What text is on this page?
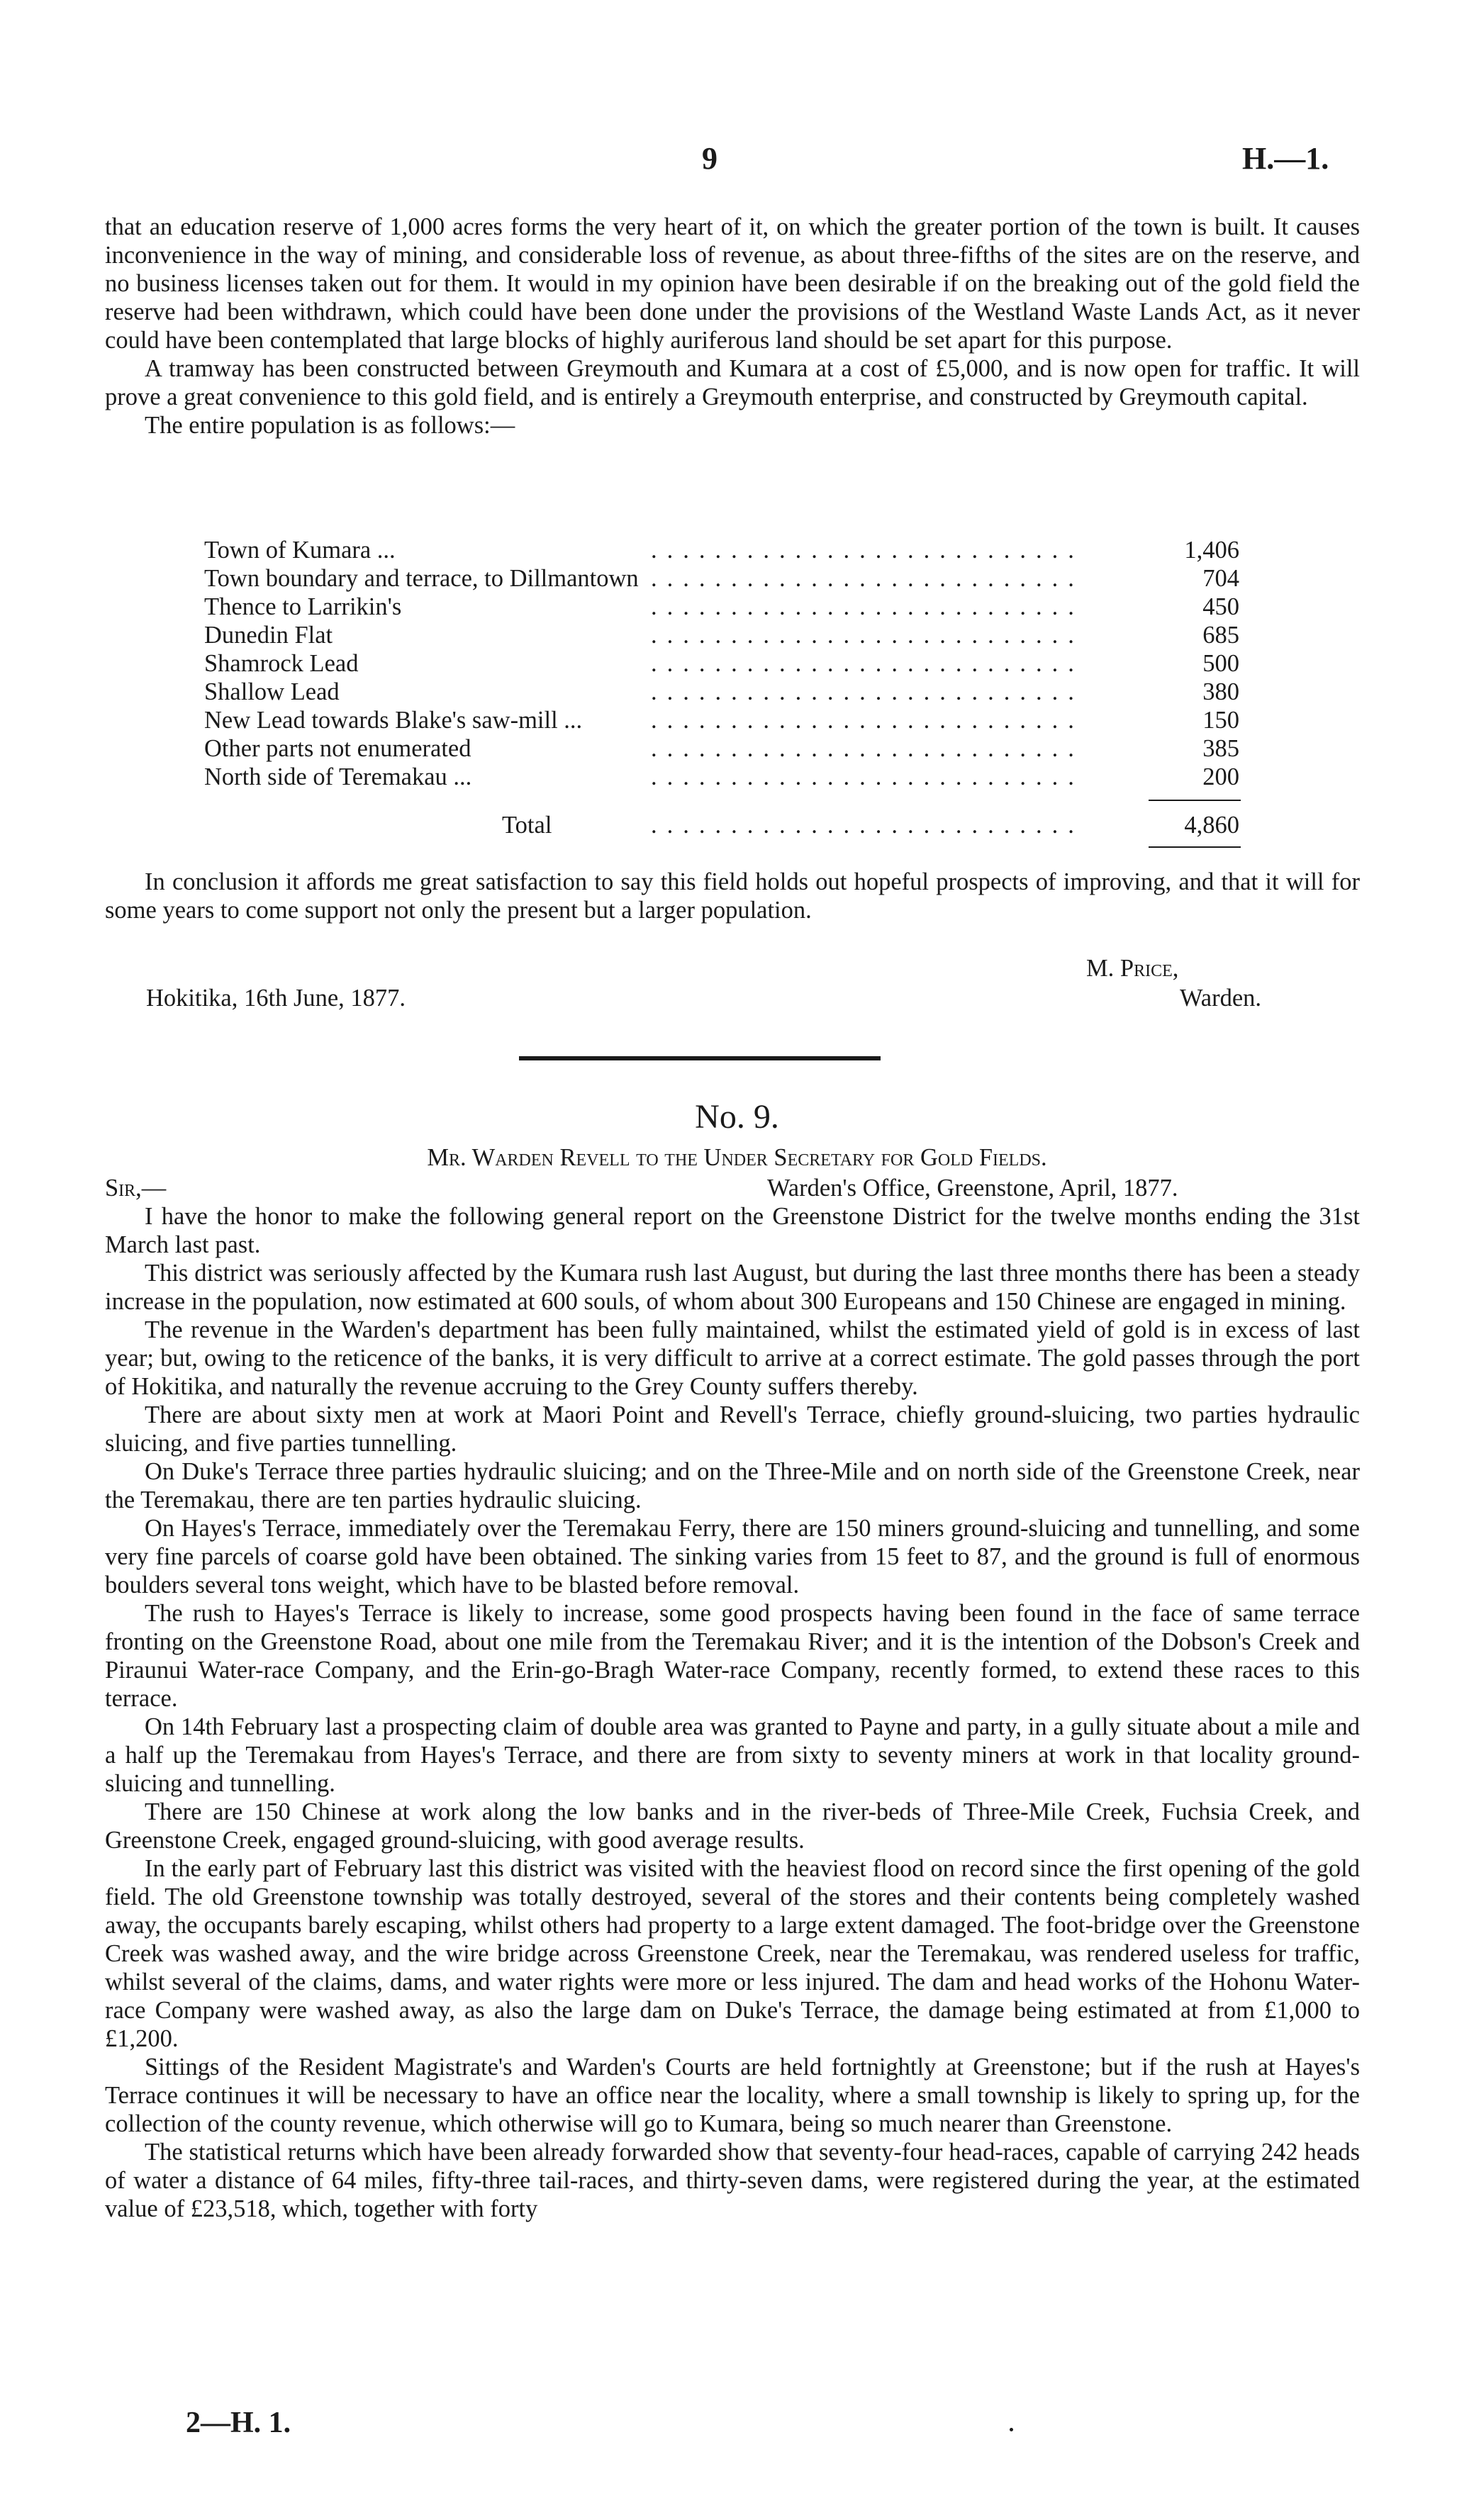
9	H.—1.

that an education reserve of 1,000 acres forms the very heart of it, on which the greater portion of the town is built. It causes inconvenience in the way of mining, and considerable loss of revenue, as about three-fifths of the sites are on the reserve, and no business licenses taken out for them. It would in my opinion have been desirable if on the breaking out of the gold field the reserve had been withdrawn, which could have been done under the provisions of the Westland Waste Lands Act, as it never could have been contemplated that large blocks of highly auriferous land should be set apart for this purpose.

A tramway has been constructed between Greymouth and Kumara at a cost of £5,000, and is now open for traffic. It will prove a great convenience to this gold field, and is entirely a Greymouth enterprise, and constructed by Greymouth capital.

The entire population is as follows:—

Town of Kumara ...	...........................	1,406
Town boundary and terrace, to Dillmantown ...........................	704
Thence to Larrikin's	...........................	450
Dunedin Flat	...........................	685
Shamrock Lead	...........................	500
Shallow Lead	...........................	380
New Lead towards Blake's saw-mill ...	...........................	150
Other parts not enumerated	...........................	385
North side of Teremakau ...	...........................	200
Total	...........................	4,860

In conclusion it affords me great satisfaction to say this field holds out hopeful prospects of improving, and that it will for some years to come support not only the present but a larger population.

M. Price,
Hokitika, 16th June, 1877.	Warden.
No. 9.
Mr. Warden Revell to the Under Secretary for Gold Fields.
Sir,—	Warden's Office, Greenstone, April, 1877.

I have the honor to make the following general report on the Greenstone District for the twelve months ending the 31st March last past.

This district was seriously affected by the Kumara rush last August, but during the last three months there has been a steady increase in the population, now estimated at 600 souls, of whom about 300 Europeans and 150 Chinese are engaged in mining.

The revenue in the Warden's department has been fully maintained, whilst the estimated yield of gold is in excess of last year; but, owing to the reticence of the banks, it is very difficult to arrive at a correct estimate. The gold passes through the port of Hokitika, and naturally the revenue accruing to the Grey County suffers thereby.

There are about sixty men at work at Maori Point and Revell's Terrace, chiefly ground-sluicing, two parties hydraulic sluicing, and five parties tunnelling.

On Duke's Terrace three parties hydraulic sluicing; and on the Three-Mile and on north side of the Greenstone Creek, near the Teremakau, there are ten parties hydraulic sluicing.

On Hayes's Terrace, immediately over the Teremakau Ferry, there are 150 miners ground-sluicing and tunnelling, and some very fine parcels of coarse gold have been obtained. The sinking varies from 15 feet to 87, and the ground is full of enormous boulders several tons weight, which have to be blasted before removal.

The rush to Hayes's Terrace is likely to increase, some good prospects having been found in the face of same terrace fronting on the Greenstone Road, about one mile from the Teremakau River; and it is the intention of the Dobson's Creek and Piraunui Water-race Company, and the Erin-go-Bragh Water-race Company, recently formed, to extend these races to this terrace.

On 14th February last a prospecting claim of double area was granted to Payne and party, in a gully situate about a mile and a half up the Teremakau from Hayes's Terrace, and there are from sixty to seventy miners at work in that locality ground-sluicing and tunnelling.

There are 150 Chinese at work along the low banks and in the river-beds of Three-Mile Creek, Fuchsia Creek, and Greenstone Creek, engaged ground-sluicing, with good average results.

In the early part of February last this district was visited with the heaviest flood on record since the first opening of the gold field. The old Greenstone township was totally destroyed, several of the stores and their contents being completely washed away, the occupants barely escaping, whilst others had property to a large extent damaged. The foot-bridge over the Greenstone Creek was washed away, and the wire bridge across Greenstone Creek, near the Teremakau, was rendered useless for traffic, whilst several of the claims, dams, and water rights were more or less injured. The dam and head works of the Hohonu Water-race Company were washed away, as also the large dam on Duke's Terrace, the damage being estimated at from £1,000 to £1,200.

Sittings of the Resident Magistrate's and Warden's Courts are held fortnightly at Greenstone; but if the rush at Hayes's Terrace continues it will be necessary to have an office near the locality, where a small township is likely to spring up, for the collection of the county revenue, which otherwise will go to Kumara, being so much nearer than Greenstone.

The statistical returns which have been already forwarded show that seventy-four head-races, capable of carrying 242 heads of water a distance of 64 miles, fifty-three tail-races, and thirty-seven dams, were registered during the year, at the estimated value of £23,518, which, together with forty

2—H. 1.
